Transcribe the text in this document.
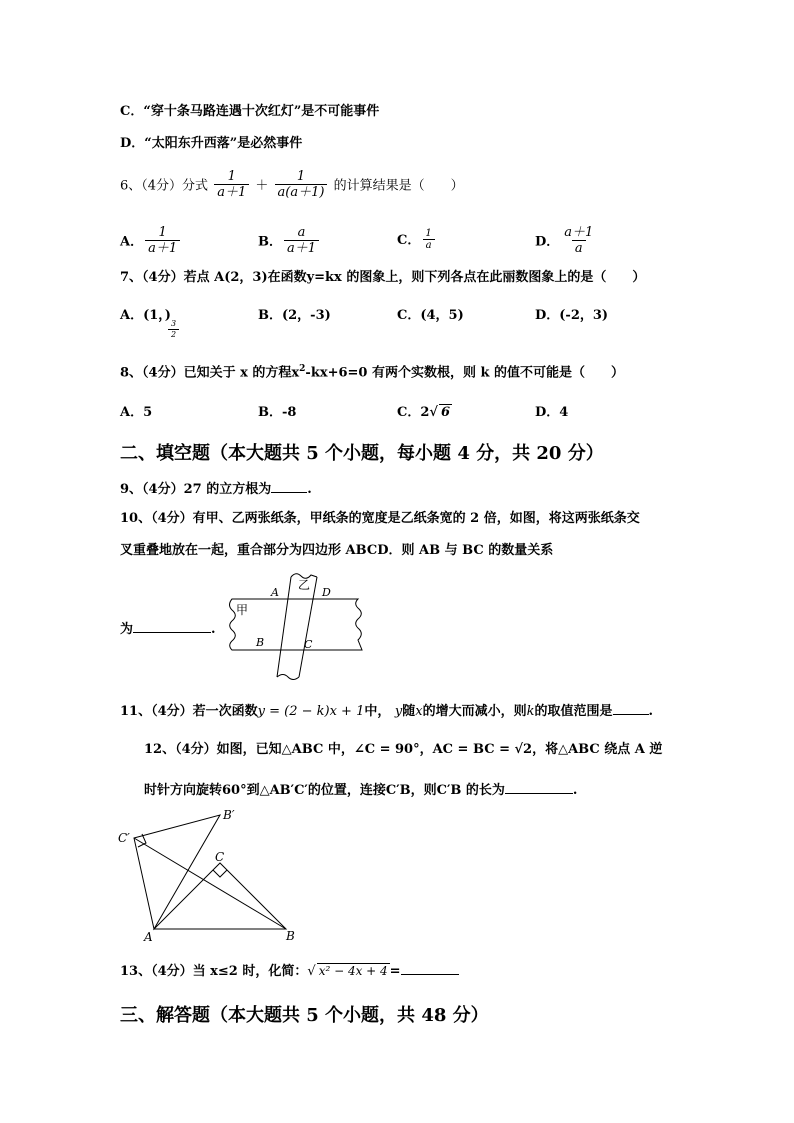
C．“穿十条马路连遇十次红灯”是不可能事件
D．“太阳东升西落”是必然事件
6、（4分）分式 $\frac{1}{a+1} + \frac{1}{a(a+1)}$ 的计算结果是（　　）
A． $\frac{1}{a+1}$	B． $\frac{a}{a+1}$	C． $\frac{1}{a}$	D． $\frac{a+1}{a}$
7、（4分）若点 A(2，3)在函数y=kx 的图象上，则下列各点在此丽数图象上的是（　　）
A．(1，)
$\frac{3}{2}$
B．(2，-3)	C．(4，5)	D．(-2，3)
8、（4分）已知关于 x 的方程$x^2-kx+6=0$ 有两个实数根，则 k 的值不可能是（　　）
A．5	B．-8	C．2√ 6	D．4
二、填空题（本大题共 5 个小题，每小题 4 分，共 20 分）
9、（4分）27 的立方根为	.
10、（4分）有甲、乙两张纸条，甲纸条的宽度是乙纸条宽的 2 倍，如图，将这两张纸条交
叉重叠地放在一起，重合部分为四边形 ABCD．则 AB 与 BC 的数量关系
为	.
A	D
B	C
甲
乙
11、（4分）若一次函数y = (2 − k)x + 1中， y随x的增大而减小，则k的取值范围是	.
12、（4分）如图，已知△ABC 中，∠C = 90°，AC = BC = √2，将△ABC 绕点 A 逆
时针方向旋转60°到△AB′C′的位置，连接C′B，则C′B 的长为	.
A	B
C
B′
C′
13、（4分）当 x≤2 时，化简：√ x² − 4x + 4 =
三、解答题（本大题共 5 个小题，共 48 分）
